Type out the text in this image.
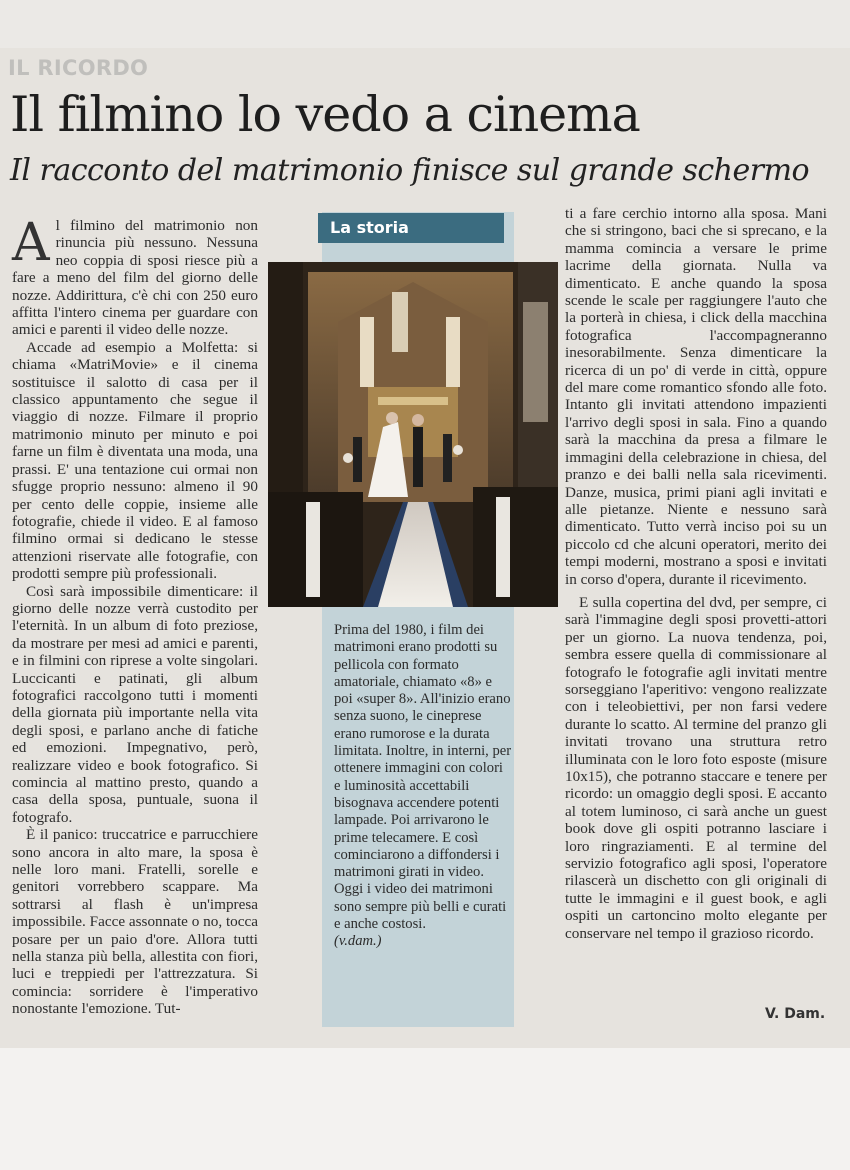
IL RICORDO
Il filmino lo vedo a cinema
Il racconto del matrimonio finisce sul grande schermo

Al filmino del matrimonio non rinuncia più nessuno. Nessuna neo coppia di sposi riesce più a fare a meno del film del giorno delle nozze. Addirittura, c'è chi con 250 euro affitta l'intero cinema per guardare con amici e parenti il video delle nozze.

Accade ad esempio a Molfetta: si chiama «MatriMovie» e il cinema sostituisce il salotto di casa per il classico appuntamento che segue il viaggio di nozze. Filmare il proprio matrimonio minuto per minuto e poi farne un film è diventata una moda, una prassi. E' una tentazione cui ormai non sfugge proprio nessuno: almeno il 90 per cento delle coppie, insieme alle fotografie, chiede il video. E al famoso filmino ormai si dedicano le stesse attenzioni riservate alle fotografie, con prodotti sempre più professionali.

Così sarà impossibile dimenticare: il giorno delle nozze verrà custodito per l'eternità. In un album di foto preziose, da mostrare per mesi ad amici e parenti, e in filmini con riprese a volte singolari. Luccicanti e patinati, gli album fotografici raccolgono tutti i momenti della giornata più importante nella vita degli sposi, e parlano anche di fatiche ed emozioni. Impegnativo, però, realizzare video e book fotografico. Si comincia al mattino presto, quando a casa della sposa, puntuale, suona il fotografo.

È il panico: truccatrice e parrucchiere sono ancora in alto mare, la sposa è nelle loro mani. Fratelli, sorelle e genitori vorrebbero scappare. Ma sottrarsi al flash è un'impresa impossibile. Facce assonnate o no, tocca posare per un paio d'ore. Allora tutti nella stanza più bella, allestita con fiori, luci e treppiedi per l'attrezzatura. Si comincia: sorridere è l'imperativo nonostante l'emozione. Tut-

La storia
Prima del 1980, i film dei matrimoni erano prodotti su pellicola con formato amatoriale, chiamato «8» e poi «super 8». All'inizio erano senza suono, le cineprese erano rumorose e la durata limitata. Inoltre, in interni, per ottenere immagini con colori e luminosità accettabili bisognava accendere potenti lampade. Poi arrivarono le prime telecamere. E così cominciarono a diffondersi i matrimoni girati in video. Oggi i video dei matrimoni sono sempre più belli e curati e anche costosi.
(v.dam.)

ti a fare cerchio intorno alla sposa. Mani che si stringono, baci che si sprecano, e la mamma comincia a versare le prime lacrime della giornata. Nulla va dimenticato. E anche quando la sposa scende le scale per raggiungere l'auto che la porterà in chiesa, i click della macchina fotografica l'accompagneranno inesorabilmente. Senza dimenticare la ricerca di un po' di verde in città, oppure del mare come romantico sfondo alle foto. Intanto gli invitati attendono impazienti l'arrivo degli sposi in sala. Fino a quando sarà la macchina da presa a filmare le immagini della celebrazione in chiesa, del pranzo e dei balli nella sala ricevimenti. Danze, musica, primi piani agli invitati e alle pietanze. Niente e nessuno sarà dimenticato. Tutto verrà inciso poi su un piccolo cd che alcuni operatori, merito dei tempi moderni, mostrano a sposi e invitati in corso d'opera, durante il ricevimento.

E sulla copertina del dvd, per sempre, ci sarà l'immagine degli sposi provetti-attori per un giorno. La nuova tendenza, poi, sembra essere quella di commissionare al fotografo le fotografie agli invitati mentre sorseggiano l'aperitivo: vengono realizzate con i teleobiettivi, per non farsi vedere durante lo scatto. Al termine del pranzo gli invitati trovano una struttura retro illuminata con le loro foto esposte (misure 10x15), che potranno staccare e tenere per ricordo: un omaggio degli sposi. E accanto al totem luminoso, ci sarà anche un guest book dove gli ospiti potranno lasciare i loro ringraziamenti. E al termine del servizio fotografico agli sposi, l'operatore rilascerà un dischetto con gli originali di tutte le immagini e il guest book, e agli ospiti un cartoncino molto elegante per conservare nel tempo il grazioso ricordo.

V. Dam.
